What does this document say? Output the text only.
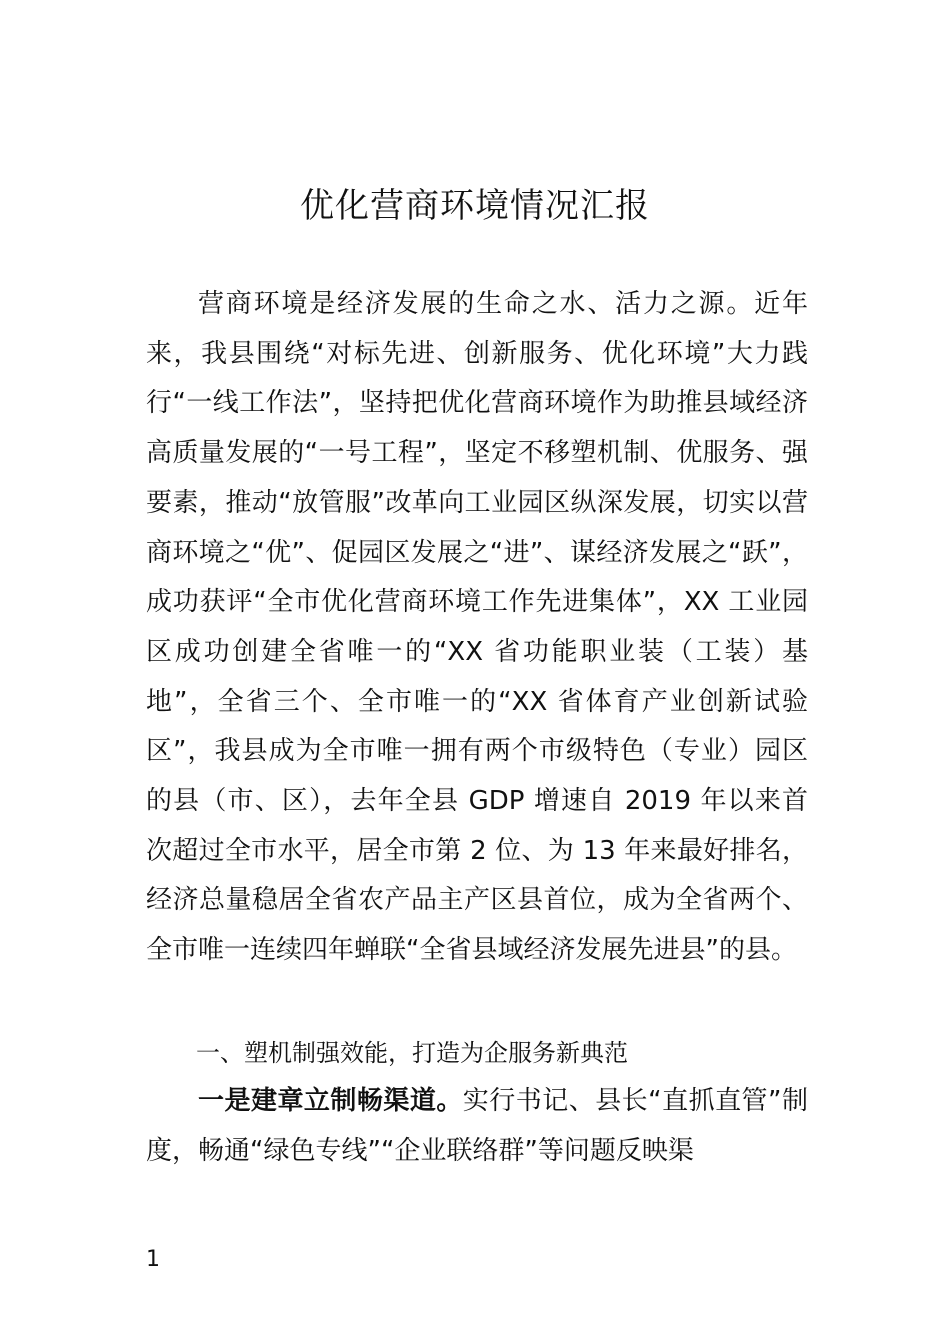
优化营商环境情况汇报

营商环境是经济发展的生命之水、活力之源。近年来，我县围绕“对标先进、创新服务、优化环境”大力践行“一线工作法”，坚持把优化营商环境作为助推县域经济高质量发展的“一号工程”，坚定不移塑机制、优服务、强要素，推动“放管服”改革向工业园区纵深发展，切实以营商环境之“优”、促园区发展之“进”、谋经济发展之“跃”，成功获评“全市优化营商环境工作先进集体”，XX 工业园区成功创建全省唯一的“XX 省功能职业装（工装）基地”，全省三个、全市唯一的“XX 省体育产业创新试验区”，我县成为全市唯一拥有两个市级特色（专业）园区的县（市、区），去年全县 GDP 增速自 2019 年以来首次超过全市水平，居全市第 2 位、为 13 年来最好排名，经济总量稳居全省农产品主产区县首位，成为全省两个、全市唯一连续四年蝉联“全省县域经济发展先进县”的县。

一、塑机制强效能，打造为企服务新典范

一是建章立制畅渠道。实行书记、县长“直抓直管”制度，畅通“绿色专线”“企业联络群”等问题反映渠

1
